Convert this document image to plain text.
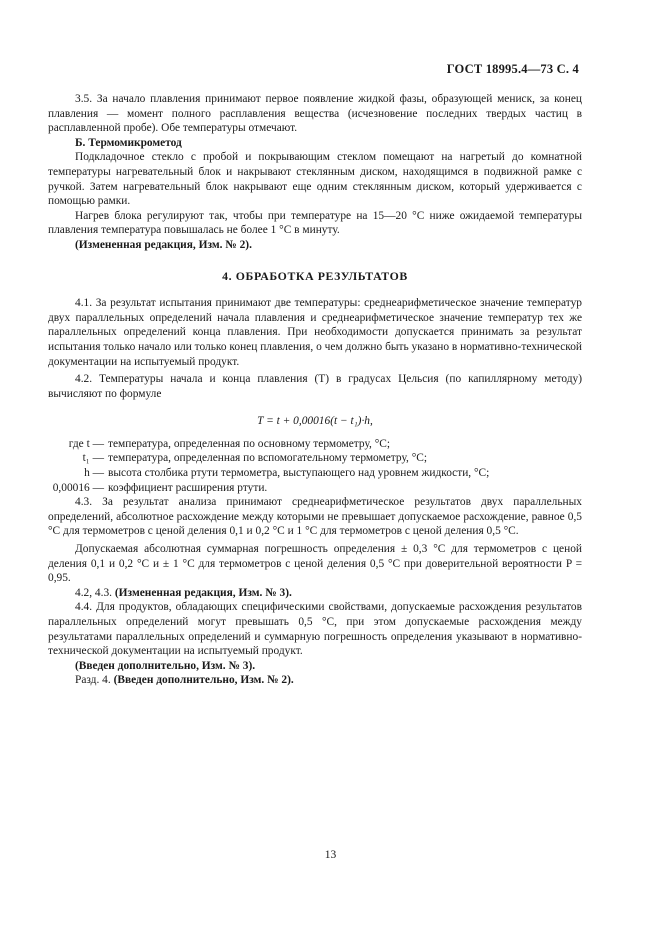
ГОСТ 18995.4—73 С. 4

3.5. За начало плавления принимают первое появление жидкой фазы, образующей мениск, за конец плавления — момент полного расплавления вещества (исчезновение последних твердых частиц в расплавленной пробе). Обе температуры отмечают.

Б. Термомикрометод

Подкладочное стекло с пробой и покрывающим стеклом помещают на нагретый до комнатной температуры нагревательный блок и накрывают стеклянным диском, находящимся в подвижной рамке с ручкой. Затем нагревательный блок накрывают еще одним стеклянным диском, который удерживается с помощью рамки.

Нагрев блока регулируют так, чтобы при температуре на 15—20 °С ниже ожидаемой температуры плавления температура повышалась не более 1 °С в минуту.

(Измененная редакция, Изм. № 2).

4. ОБРАБОТКА РЕЗУЛЬТАТОВ

4.1. За результат испытания принимают две температуры: среднеарифметическое значение температур двух параллельных определений начала плавления и среднеарифметическое значение температур тех же параллельных определений конца плавления. При необходимости допускается принимать за результат испытания только начало или только конец плавления, о чем должно быть указано в нормативно-технической документации на испытуемый продукт.

4.2. Температуры начала и конца плавления (T) в градусах Цельсия (по капиллярному методу) вычисляют по формуле

T = t + 0,00016(t − t₁)·h,

где t — температура, определенная по основному термометру, °С;
t₁ — температура, определенная по вспомогательному термометру, °С;
h — высота столбика ртути термометра, выступающего над уровнем жидкости, °С;
0,00016 — коэффициент расширения ртути.

4.3. За результат анализа принимают среднеарифметическое результатов двух параллельных определений, абсолютное расхождение между которыми не превышает допускаемое расхождение, равное 0,5 °С для термометров с ценой деления 0,1 и 0,2 °С и 1 °С для термометров с ценой деления 0,5 °С.

Допускаемая абсолютная суммарная погрешность определения ± 0,3 °С для термометров с ценой деления 0,1 и 0,2 °С и ± 1 °С для термометров с ценой деления 0,5 °С при доверительной вероятности P = 0,95.

4.2, 4.3. (Измененная редакция, Изм. № 3).

4.4. Для продуктов, обладающих специфическими свойствами, допускаемые расхождения результатов параллельных определений могут превышать 0,5 °С, при этом допускаемые расхождения между результатами параллельных определений и суммарную погрешность определения указывают в нормативно-технической документации на испытуемый продукт.

(Введен дополнительно, Изм. № 3).

Разд. 4. (Введен дополнительно, Изм. № 2).

13
